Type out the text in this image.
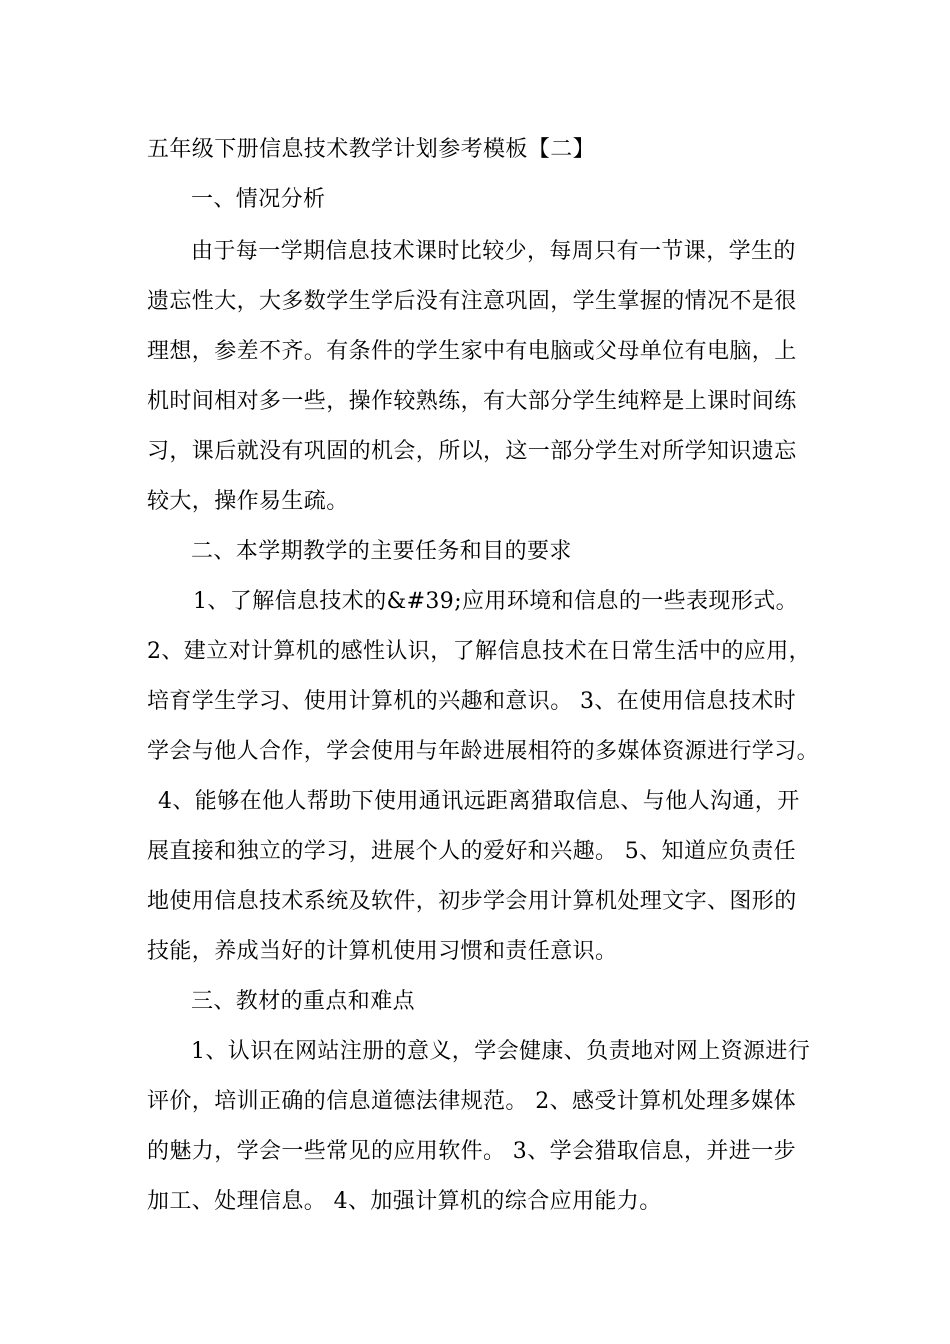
五年级下册信息技术教学计划参考模板【二】
一、情况分析
由于每一学期信息技术课时比较少，每周只有一节课，学生的
遗忘性大，大多数学生学后没有注意巩固，学生掌握的情况不是很
理想，参差不齐。有条件的学生家中有电脑或父母单位有电脑，上
机时间相对多一些，操作较熟练，有大部分学生纯粹是上课时间练
习，课后就没有巩固的机会，所以，这一部分学生对所学知识遗忘
较大，操作易生疏。
二、本学期教学的主要任务和目的要求
1、了解信息技术的&#39;应用环境和信息的一些表现形式。
2、建立对计算机的感性认识，了解信息技术在日常生活中的应用，
培育学生学习、使用计算机的兴趣和意识。 3、在使用信息技术时
学会与他人合作，学会使用与年龄进展相符的多媒体资源进行学习。
4、能够在他人帮助下使用通讯远距离猎取信息、与他人沟通，开
展直接和独立的学习，进展个人的爱好和兴趣。 5、知道应负责任
地使用信息技术系统及软件，初步学会用计算机处理文字、图形的
技能，养成当好的计算机使用习惯和责任意识。
三、教材的重点和难点
1、认识在网站注册的意义，学会健康、负责地对网上资源进行
评价，培训正确的信息道德法律规范。 2、感受计算机处理多媒体
的魅力，学会一些常见的应用软件。 3、学会猎取信息，并进一步
加工、处理信息。 4、加强计算机的综合应用能力。
